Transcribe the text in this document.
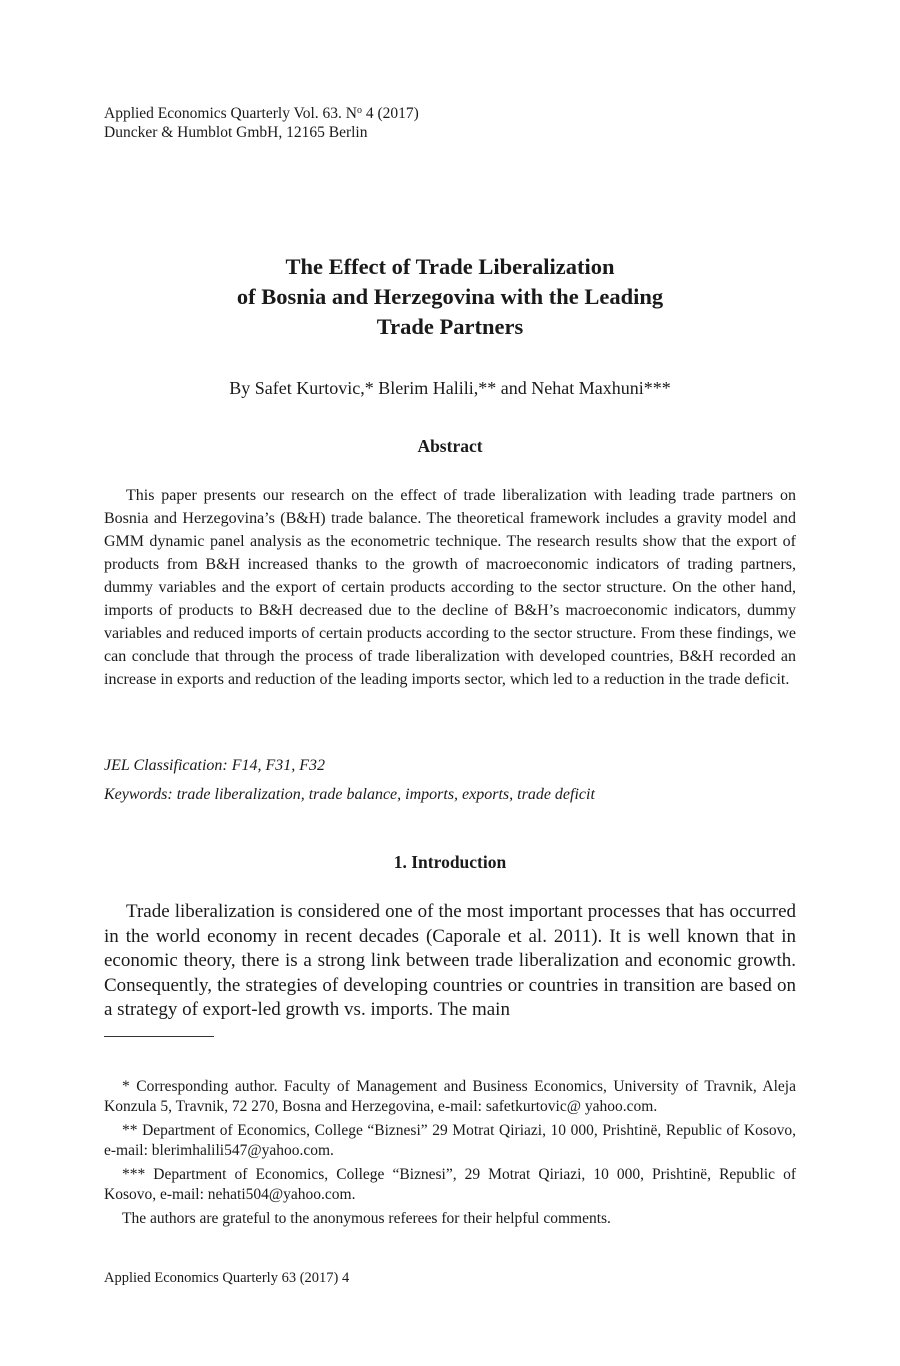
Applied Economics Quarterly Vol. 63. $N^o$ 4 (2017)
Duncker & Humblot GmbH, 12165 Berlin
The Effect of Trade Liberalization
of Bosnia and Herzegovina with the Leading
Trade Partners
By Safet Kurtovic,* Blerim Halili,** and Nehat Maxhuni***
Abstract

This paper presents our research on the effect of trade liberalization with leading trade partners on Bosnia and Herzegovina’s (B&H) trade balance. The theoretical framework includes a gravity model and GMM dynamic panel analysis as the econometric technique. The research results show that the export of products from B&H increased thanks to the growth of macroeconomic indicators of trading partners, dummy variables and the export of certain products according to the sector structure. On the other hand, imports of products to B&H decreased due to the decline of B&H’s macroeconomic indicators, dummy variables and reduced imports of certain products according to the sector structure. From these findings, we can conclude that through the process of trade liberalization with developed countries, B&H recorded an increase in exports and reduction of the leading imports sector, which led to a reduction in the trade deficit.

JEL Classification: F14, F31, F32
Keywords: trade liberalization, trade balance, imports, exports, trade deficit
1. Introduction

Trade liberalization is considered one of the most important processes that has occurred in the world economy in recent decades (Caporale et al. 2011). It is well known that in economic theory, there is a strong link between trade liberalization and economic growth. Consequently, the strategies of developing countries or countries in transition are based on a strategy of export-led growth vs. imports. The main

* Corresponding author. Faculty of Management and Business Economics, University of Travnik, Aleja Konzula 5, Travnik, 72 270, Bosna and Herzegovina, e-mail: safetkurtovic@ yahoo.com.

** Department of Economics, College “Biznesi” 29 Motrat Qiriazi, 10 000, Prishtinë, Republic of Kosovo, e-mail: blerimhalili547@yahoo.com.

*** Department of Economics, College “Biznesi”, 29 Motrat Qiriazi, 10 000, Prishtinë, Republic of Kosovo, e-mail: nehati504@yahoo.com.

The authors are grateful to the anonymous referees for their helpful comments.

Applied Economics Quarterly 63 (2017) 4
